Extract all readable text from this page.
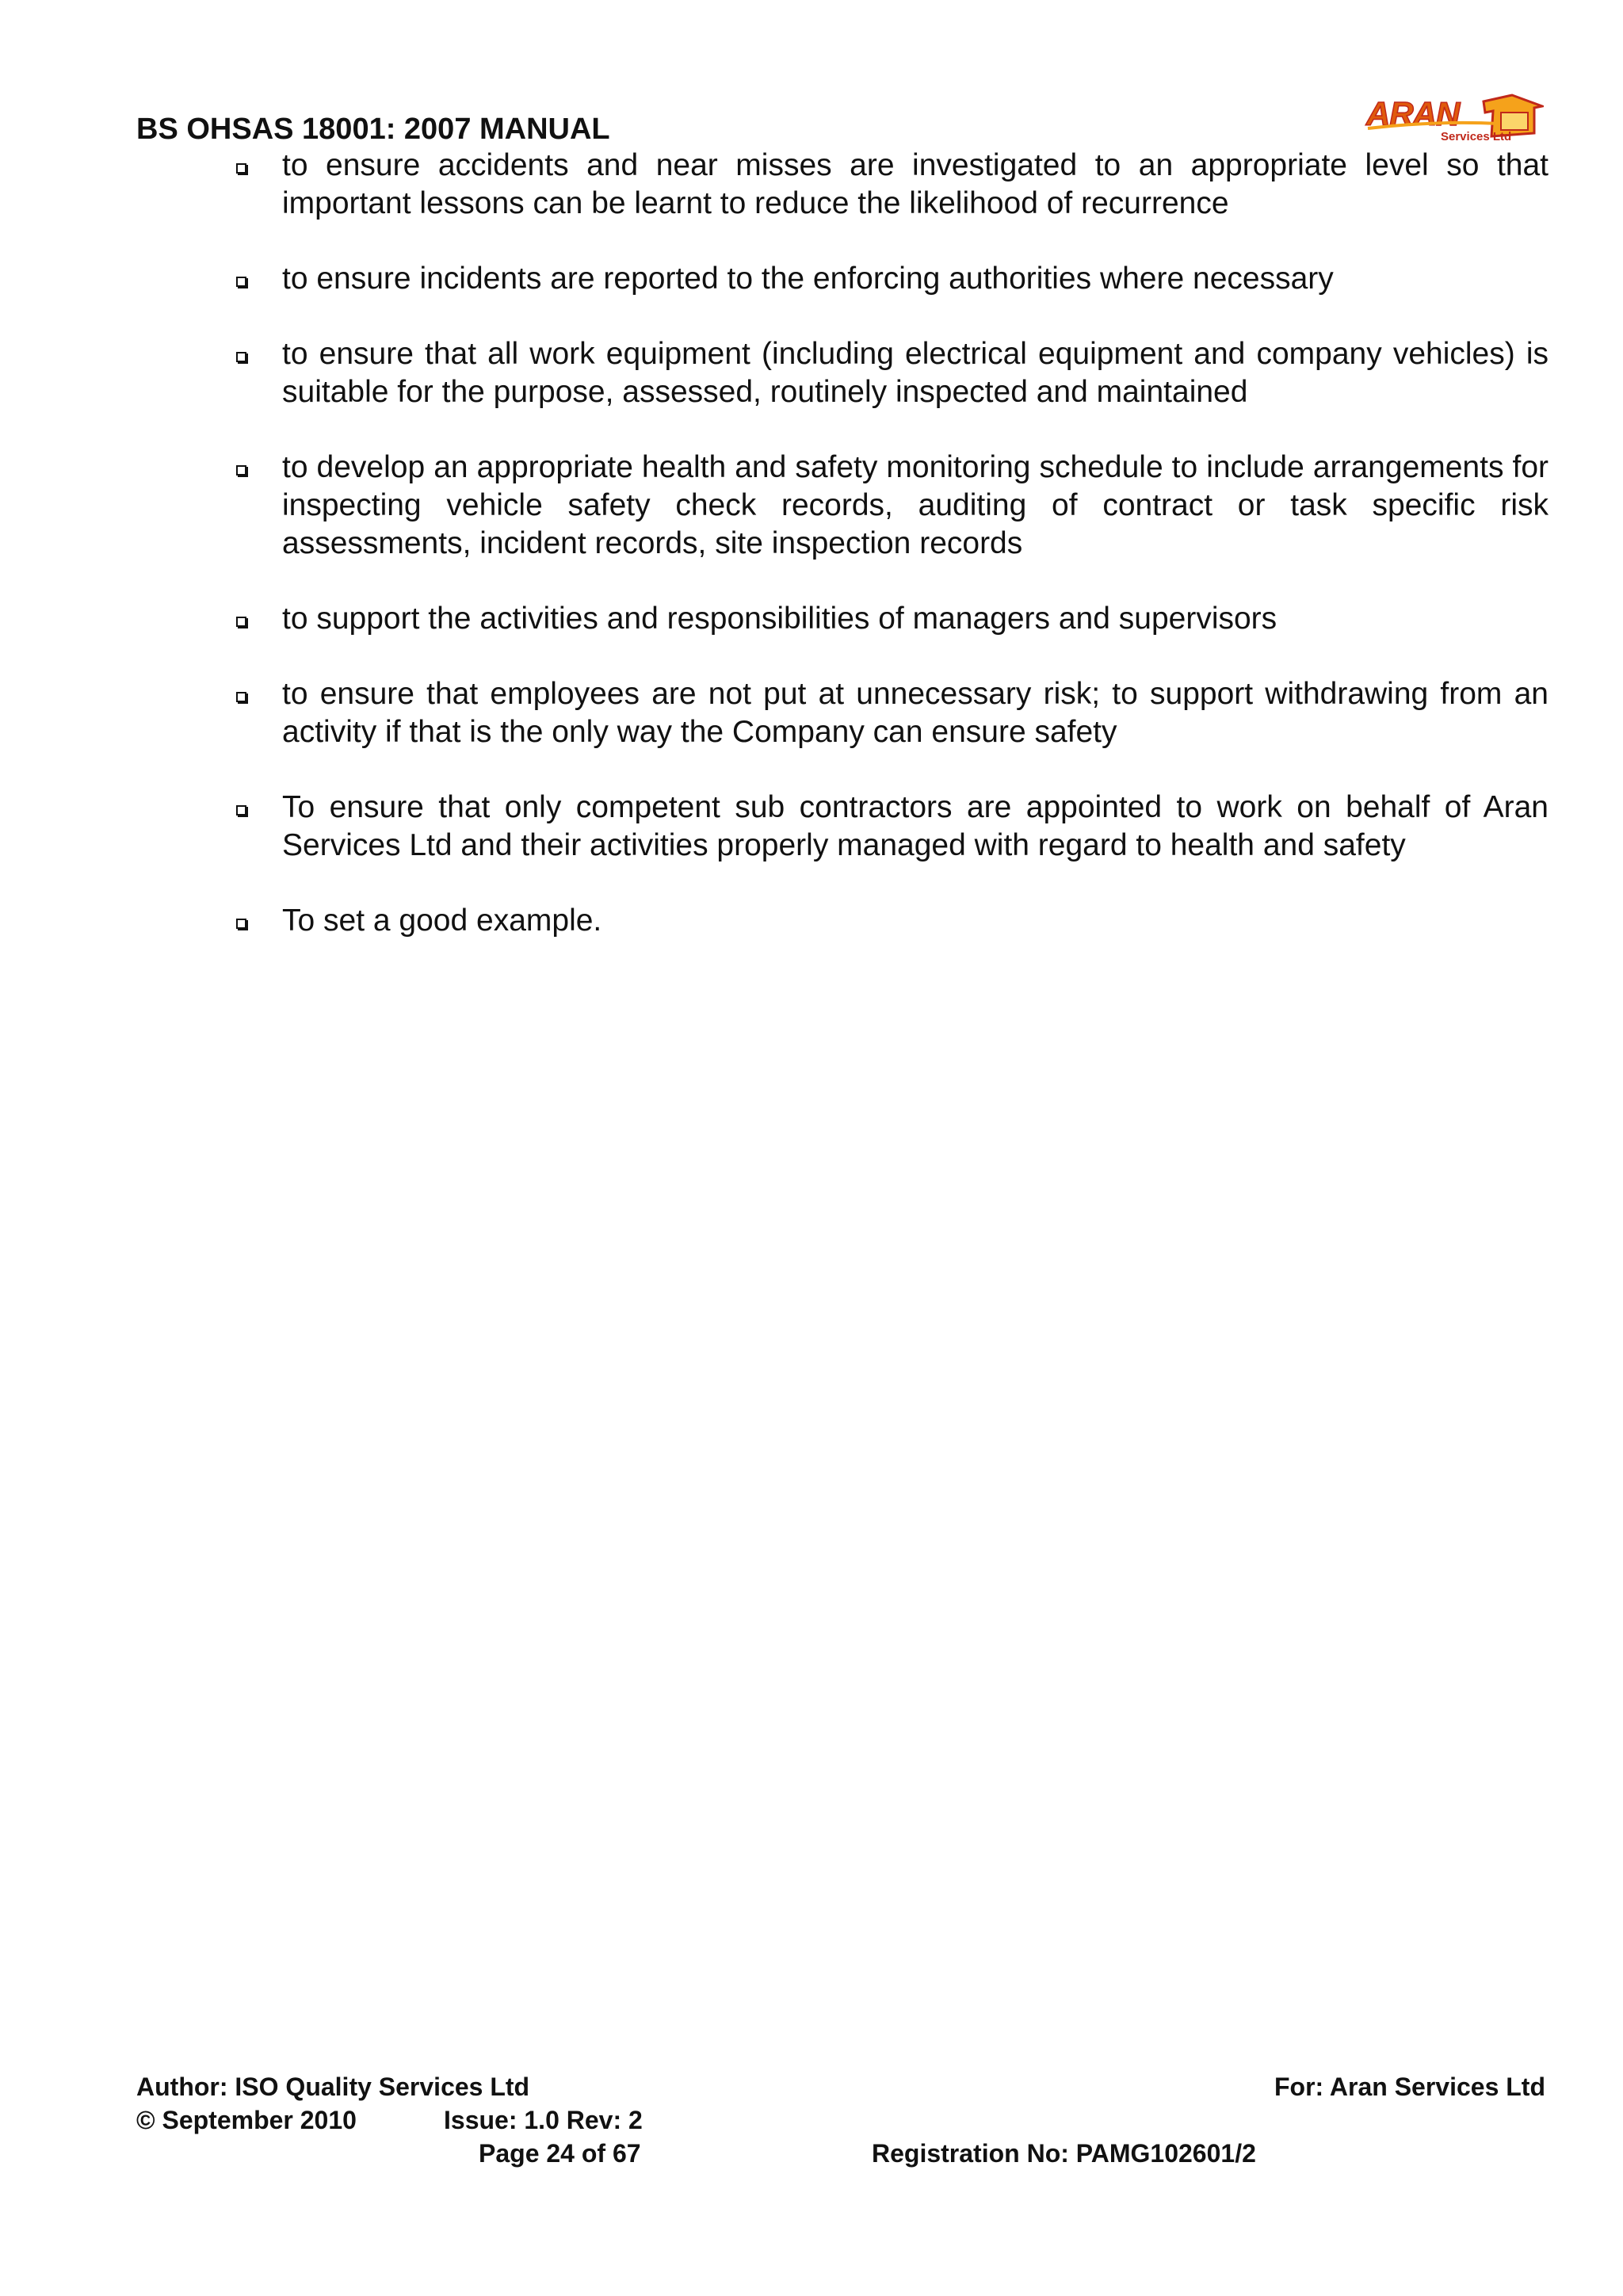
BS OHSAS 18001: 2007 MANUAL	ARAN
Services Ltd
to ensure accidents and near misses are investigated to an appropriate level so that important lessons can be learnt to reduce the likelihood of recurrence
to ensure incidents are reported to the enforcing authorities where necessary
to ensure that all work equipment (including electrical equipment and company vehicles) is suitable for the purpose, assessed, routinely inspected and maintained
to develop an appropriate health and safety monitoring schedule to include arrangements for inspecting vehicle safety check records, auditing of contract or task specific risk assessments, incident records, site inspection records
to support the activities and responsibilities of managers and supervisors
to ensure that employees are not put at unnecessary risk; to support withdrawing from an activity if that is the only way the Company can ensure safety
To ensure that only competent sub contractors are appointed to work on behalf of Aran Services Ltd and their activities properly managed with regard to health and safety
To set a good example.
Author: ISO Quality Services Ltd	For: Aran Services Ltd
© September 2010	Issue: 1.0 Rev: 2
Page 24 of 67	Registration No: PAMG102601/2
